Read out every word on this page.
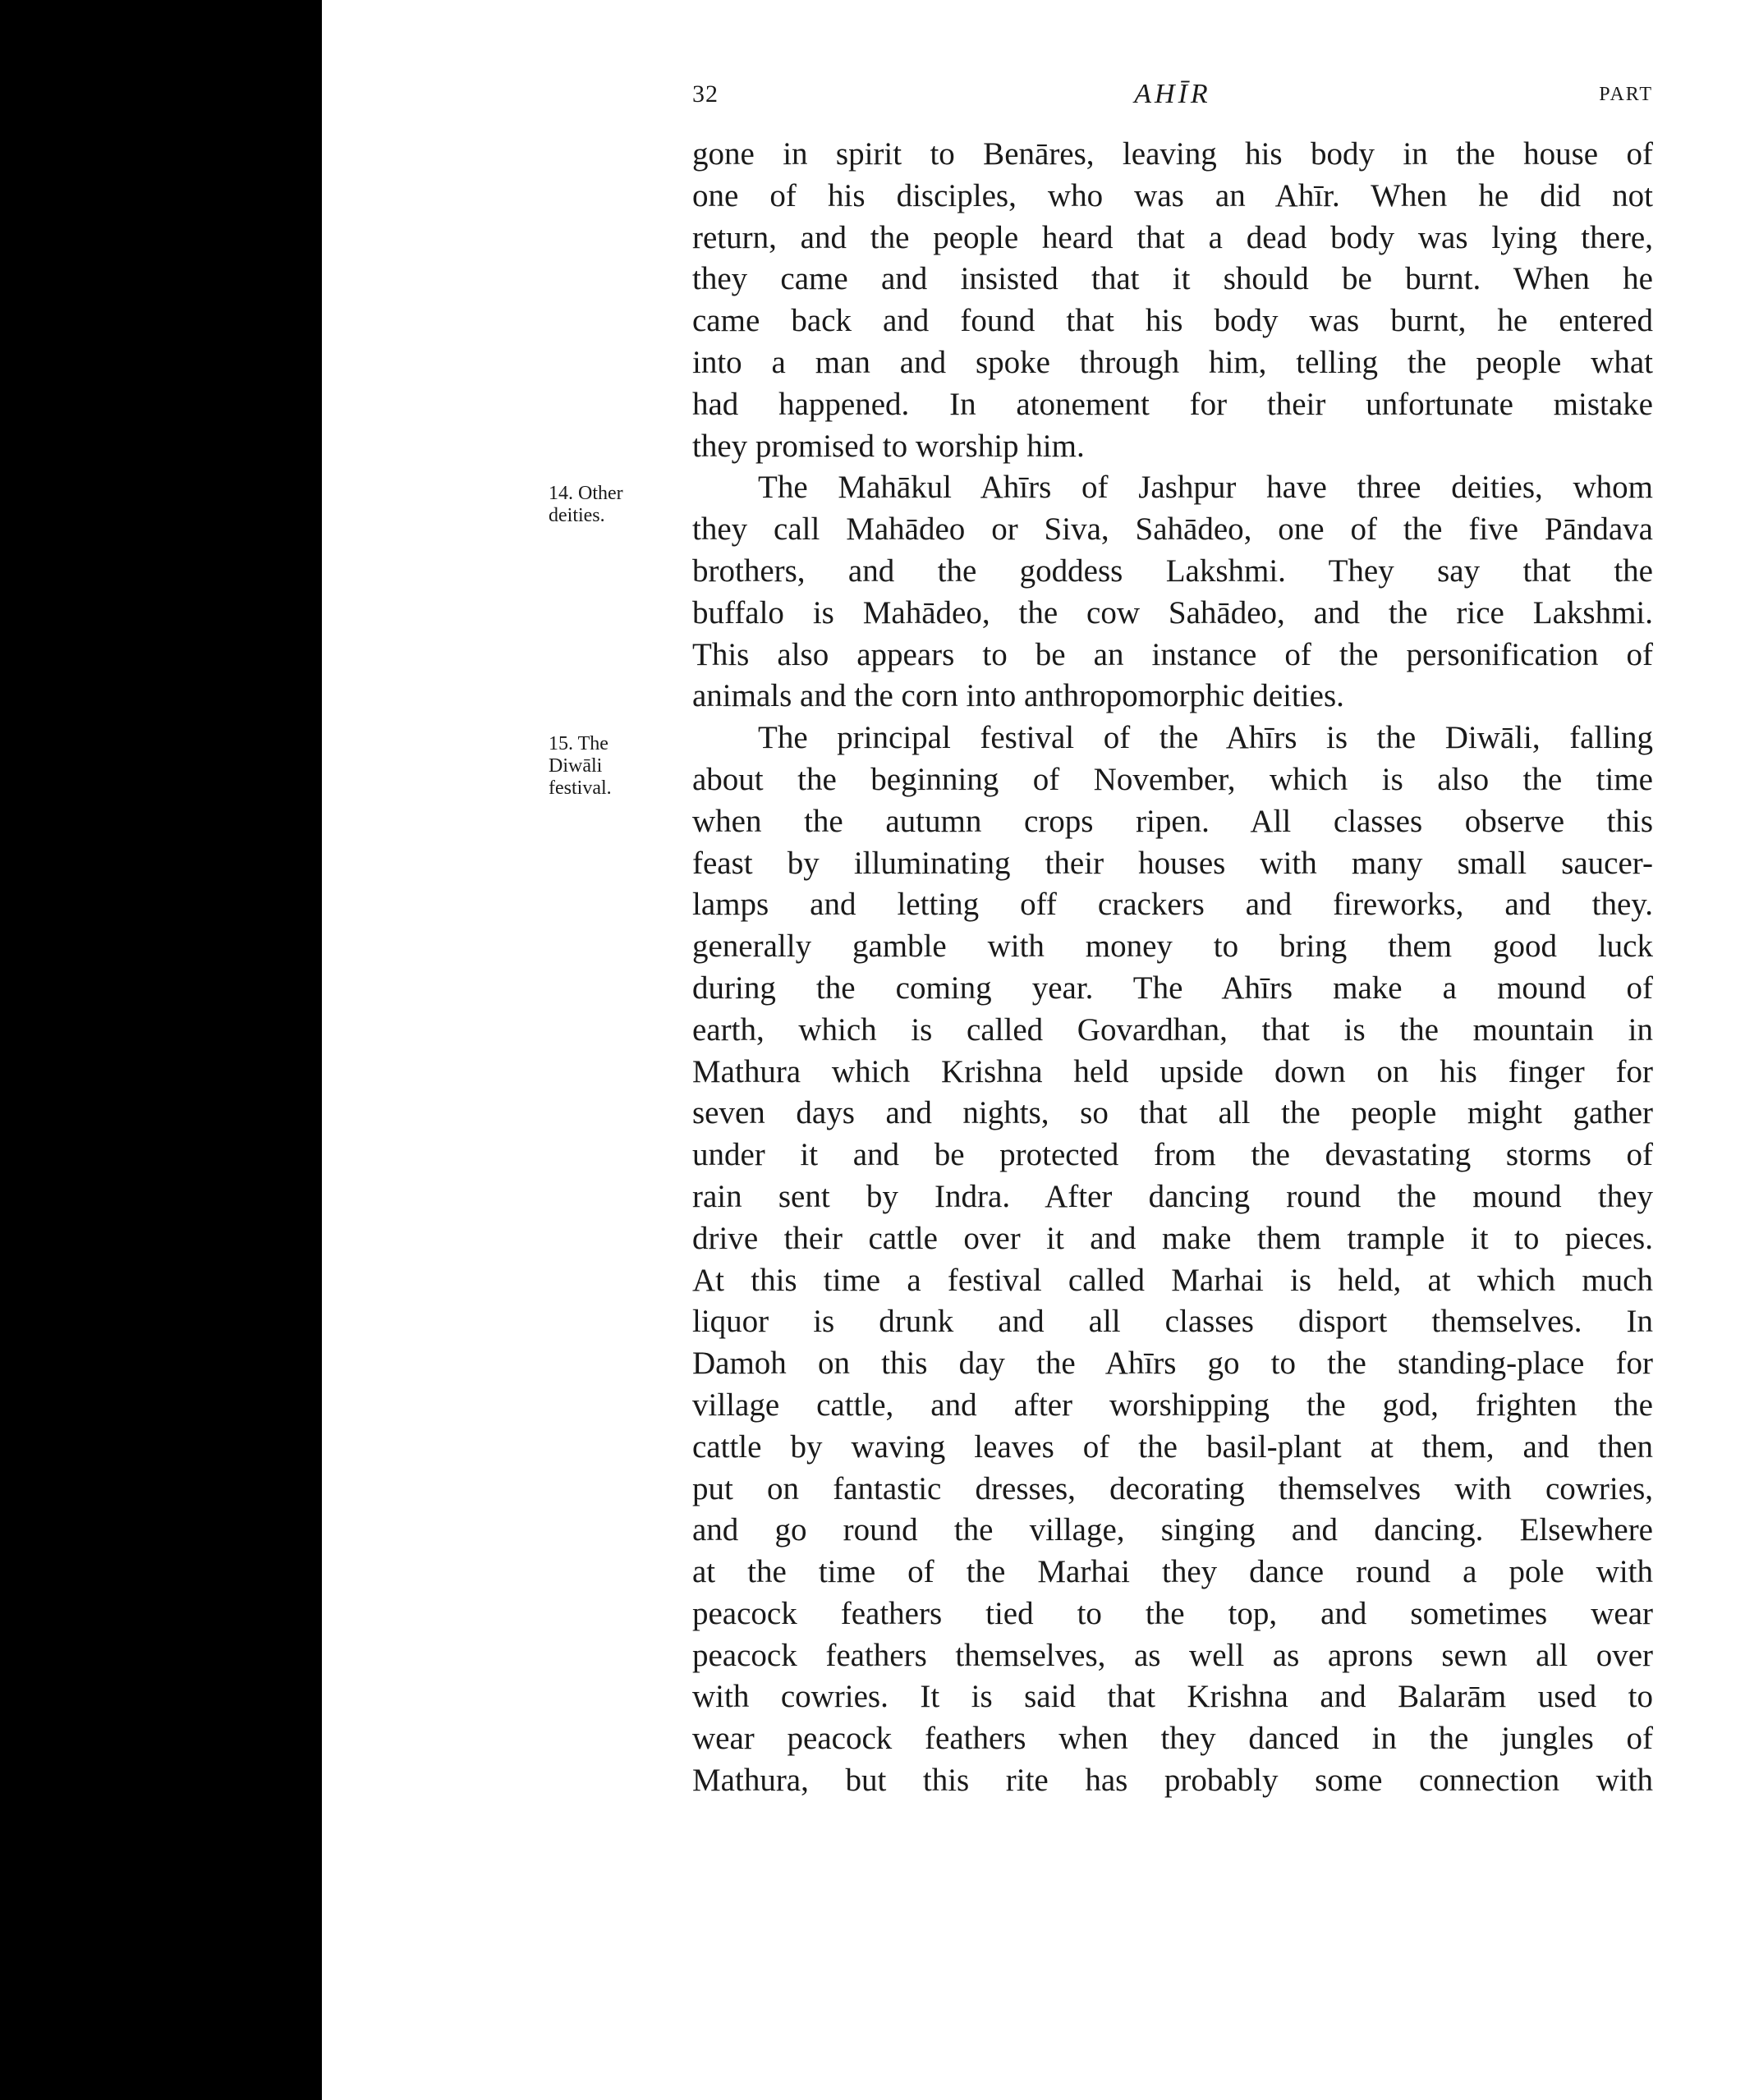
32	AHĪR	PART
14. Other
deities.
15. The
Diwāli
festival.
gone in spirit to Benāres, leaving his body in the house of
one of his disciples, who was an Ahīr. When he did not
return, and the people heard that a dead body was lying there,
they came and insisted that it should be burnt. When he
came back and found that his body was burnt, he entered
into a man and spoke through him, telling the people what
had happened. In atonement for their unfortunate mistake
they promised to worship him.
The Mahākul Ahīrs of Jashpur have three deities, whom
they call Mahādeo or Siva, Sahādeo, one of the five Pāndava
brothers, and the goddess Lakshmi. They say that the
buffalo is Mahādeo, the cow Sahādeo, and the rice Lakshmi.
This also appears to be an instance of the personification of
animals and the corn into anthropomorphic deities.
The principal festival of the Ahīrs is the Diwāli, falling
about the beginning of November, which is also the time
when the autumn crops ripen. All classes observe this
feast by illuminating their houses with many small saucer-
lamps and letting off crackers and fireworks, and they.
generally gamble with money to bring them good luck
during the coming year. The Ahīrs make a mound of
earth, which is called Govardhan, that is the mountain in
Mathura which Krishna held upside down on his finger for
seven days and nights, so that all the people might gather
under it and be protected from the devastating storms of
rain sent by Indra. After dancing round the mound they
drive their cattle over it and make them trample it to pieces.
At this time a festival called Marhai is held, at which much
liquor is drunk and all classes disport themselves. In
Damoh on this day the Ahīrs go to the standing-place for
village cattle, and after worshipping the god, frighten the
cattle by waving leaves of the basil-plant at them, and then
put on fantastic dresses, decorating themselves with cowries,
and go round the village, singing and dancing. Elsewhere
at the time of the Marhai they dance round a pole with
peacock feathers tied to the top, and sometimes wear
peacock feathers themselves, as well as aprons sewn all over
with cowries. It is said that Krishna and Balarām used to
wear peacock feathers when they danced in the jungles of
Mathura, but this rite has probably some connection with
